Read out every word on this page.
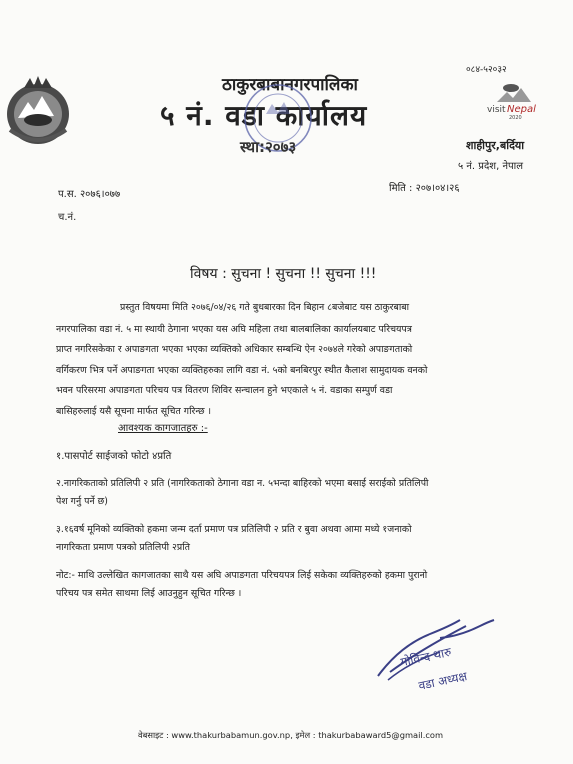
ठाकुरबाबानगरपालिका
५ नं. वडा कार्यालय
स्था:२०७३
०८४-५२०३२
visit Nepal
2020
शाहीपुर,बर्दिया
५ नं. प्रदेश, नेपाल
प.स. २०७६।०७७
मिति : २०७।०४।२६
च.नं.
विषय : सुचना ! सुचना !! सुचना !!!
प्रस्तुत विषयमा मिति २०७६/०४/२६ गते बुधबारका दिन बिहान ८बजेबाट यस ठाकुरबाबा
नगरपालिका वडा नं. ५ मा स्थायी ठेगाना भएका यस अघि महिला तथा बालबालिका कार्यालयबाट परिचयपत्र
प्राप्त नगरिसकेका र अपाङगता भएका भएका व्यक्तिको अधिकार सम्बन्धि ऐन २०७४ले गरेको अपाङगताको
वर्गिकरण भित्र पर्ने अपाङगता भएका व्यक्तिहरुका लागि वडा नं. ५को बनबिरपुर स्थीत कैलाश सामुदायक वनको
भवन परिसरमा अपाङगता परिचय पत्र वितरण शिविर सन्चालन हुने भएकाले ५ नं. वडाका सम्पुर्ण वडा
बासिहरुलाई यसै सूचना मार्फत सूचित गरिन्छ ।
आवश्यक कागजातहरु :-
१.पासपोर्ट साईजको फोटो ४प्रति
२.नागरिकताको प्रतिलिपी २ प्रति (नागरिकताको ठेगाना वडा न. ५भन्दा बाहिरको भएमा बसाई सराईको प्रतिलिपी
पेश गर्नु पर्ने छ)
३.१६वर्ष मूनिको व्यक्तिको हकमा जन्म दर्ता प्रमाण पत्र प्रतिलिपी २ प्रति र बुवा अथवा आमा मध्ये १जनाको
नागरिकता प्रमाण पत्रको प्रतिलिपी २प्रति
नोट:- माथि उल्लेखित कागजातका साथै यस अघि अपाङगता परिचयपत्र लिई सकेका व्यक्तिहरुको हकमा पुरानो
परिचय पत्र समेत साथमा लिई आउनुहुन सूचित गरिन्छ ।
गोविन्द थारु
वडा अध्यक्ष
वेबसाइट : www.thakurbabamun.gov.np, इमेल : thakurbabaward5@gmail.com
